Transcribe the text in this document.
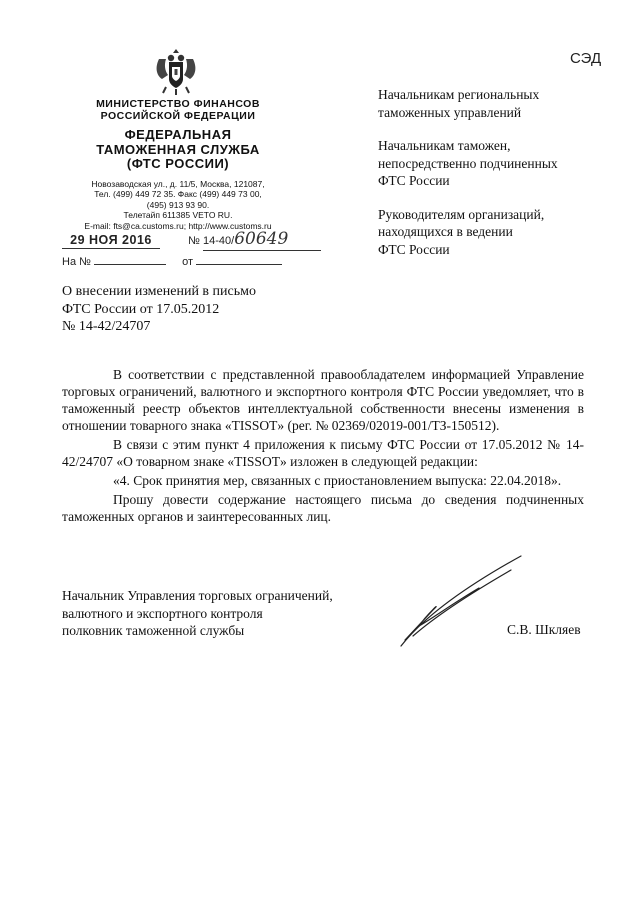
СЭД
МИНИСТЕРСТВО ФИНАНСОВ
РОССИЙСКОЙ ФЕДЕРАЦИИ
ФЕДЕРАЛЬНАЯ
ТАМОЖЕННАЯ СЛУЖБА
(ФТС РОССИИ)
Новозаводская ул., д. 11/5, Москва, 121087,
Тел. (499) 449 72 35. Факс (499) 449 73 00,
(495) 913 93 90.
Телетайп 611385 VETO RU.
E-mail: fts@ca.customs.ru; http://www.customs.ru
29 НОЯ 2016	№ 14-40/60649
На №	от

Начальникам региональных
таможенных управлений

Начальникам таможен,
непосредственно подчиненных
ФТС России

Руководителям организаций,
находящихся в ведении
ФТС России

О внесении изменений в письмо
ФТС России от 17.05.2012
№ 14-42/24707

В соответствии с представленной правообладателем информацией Управление торговых ограничений, валютного и экспортного контроля ФТС России уведомляет, что в таможенный реестр объектов интеллектуальной собственности внесены изменения в отношении товарного знака «TISSOT» (рег. № 02369/02019-001/ТЗ-150512).

В связи с этим пункт 4 приложения к письму ФТС России от 17.05.2012 № 14-42/24707 «О товарном знаке «TISSOT» изложен в следующей редакции:

«4. Срок принятия мер, связанных с приостановлением выпуска: 22.04.2018».

Прошу довести содержание настоящего письма до сведения подчиненных таможенных органов и заинтересованных лиц.

Начальник Управления торговых ограничений,
валютного и экспортного контроля
полковник таможенной службы	С.В. Шкляев
